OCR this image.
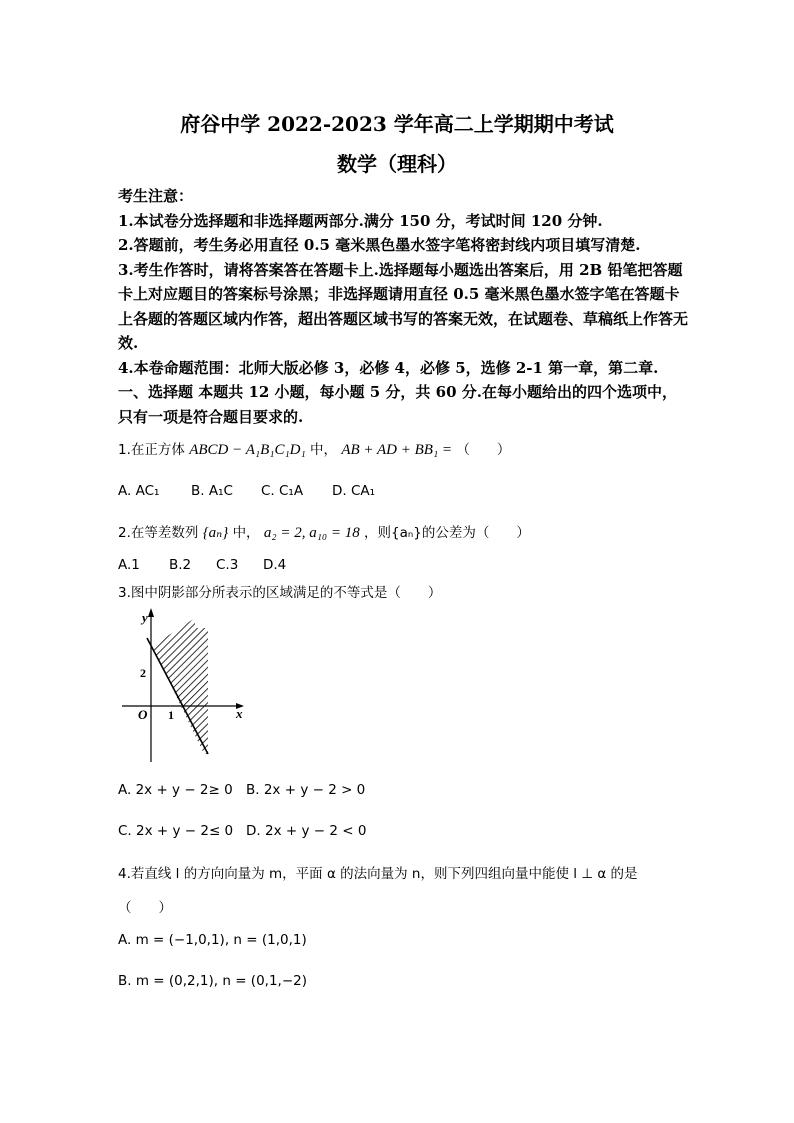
府谷中学 2022-2023 学年高二上学期期中考试
数学（理科）

考生注意：

1.本试卷分选择题和非选择题两部分.满分 150 分，考试时间 120 分钟.

2.答题前，考生务必用直径 0.5 毫米黑色墨水签字笔将密封线内项目填写清楚.

3.考生作答时，请将答案答在答题卡上.选择题每小题选出答案后，用 2B 铅笔把答题卡上对应题目的答案标号涂黑；非选择题请用直径 0.5 毫米黑色墨水签字笔在答题卡上各题的答题区域内作答，超出答题区域书写的答案无效，在试题卷、草稿纸上作答无效.

4.本卷命题范围：北师大版必修 3，必修 4，必修 5，选修 2-1 第一章，第二章.

一、选择题 本题共 12 小题，每小题 5 分，共 60 分.在每小题给出的四个选项中，只有一项是符合题目要求的.

1.在正方体 ABCD − A₁B₁C₁D₁ 中， AB + AD + BB₁ = （　　）
A. AC₁ B. A₁C C. C₁A D. CA₁
2.在等差数列 {aₙ} 中， a₂ = 2, a₁₀ = 18 ，则{aₙ}的公差为（　　）
A.1 B.2 C.3 D.4
3.图中阴影部分所表示的区域满足的不等式是（　　）
y
x
O 1
2
A. 2x + y − 2≥ 0 B. 2x + y − 2 > 0
C. 2x + y − 2≤ 0 D. 2x + y − 2 < 0
4.若直线 l 的方向向量为 m，平面 α 的法向量为 n，则下列四组向量中能使 l ⊥ α 的是
（　　）
A. m = (−1,0,1), n = (1,0,1)
B. m = (0,2,1), n = (0,1,−2)
